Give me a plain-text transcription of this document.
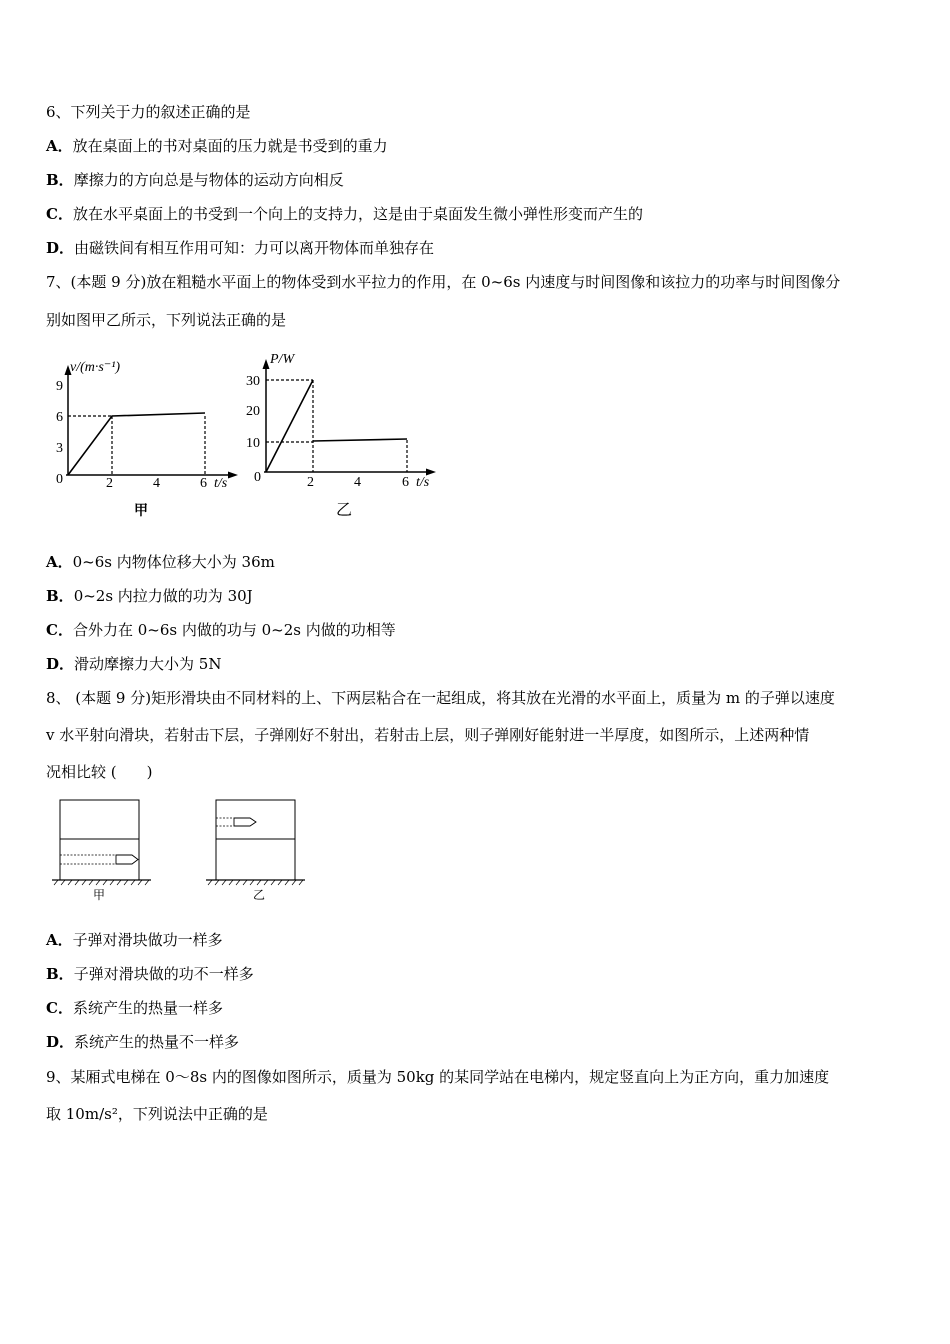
6、下列关于力的叙述正确的是
A．放在桌面上的书对桌面的压力就是书受到的重力
B．摩擦力的方向总是与物体的运动方向相反
C．放在水平桌面上的书受到一个向上的支持力，这是由于桌面发生微小弹性形变而产生的
D．由磁铁间有相互作用可知：力可以离开物体而单独存在
7、(本题 9 分)放在粗糙水平面上的物体受到水平拉力的作用，在 0~6s 内速度与时间图像和该拉力的功率与时间图像分
别如图甲乙所示，下列说法正确的是
v/(m·s⁻¹)
0
9
6
3
2	4	6 t/s
甲
P/W
0
30
20
10
2	4	6 t/s
乙
A．0~6s 内物体位移大小为 36m
B．0~2s 内拉力做的功为 30J
C．合外力在 0~6s 内做的功与 0~2s 内做的功相等
D．滑动摩擦力大小为 5N
8、 (本题 9 分)矩形滑块由不同材料的上、下两层粘合在一起组成，将其放在光滑的水平面上，质量为 m 的子弹以速度
v 水平射向滑块，若射击下层，子弹刚好不射出，若射击上层，则子弹刚好能射进一半厚度，如图所示，上述两种情
况相比较 (　　)
甲	乙
A．子弹对滑块做功一样多
B．子弹对滑块做的功不一样多
C．系统产生的热量一样多
D．系统产生的热量不一样多
9、某厢式电梯在 0～8s 内的图像如图所示，质量为 50kg 的某同学站在电梯内，规定竖直向上为正方向，重力加速度
取 10m/s²，下列说法中正确的是
